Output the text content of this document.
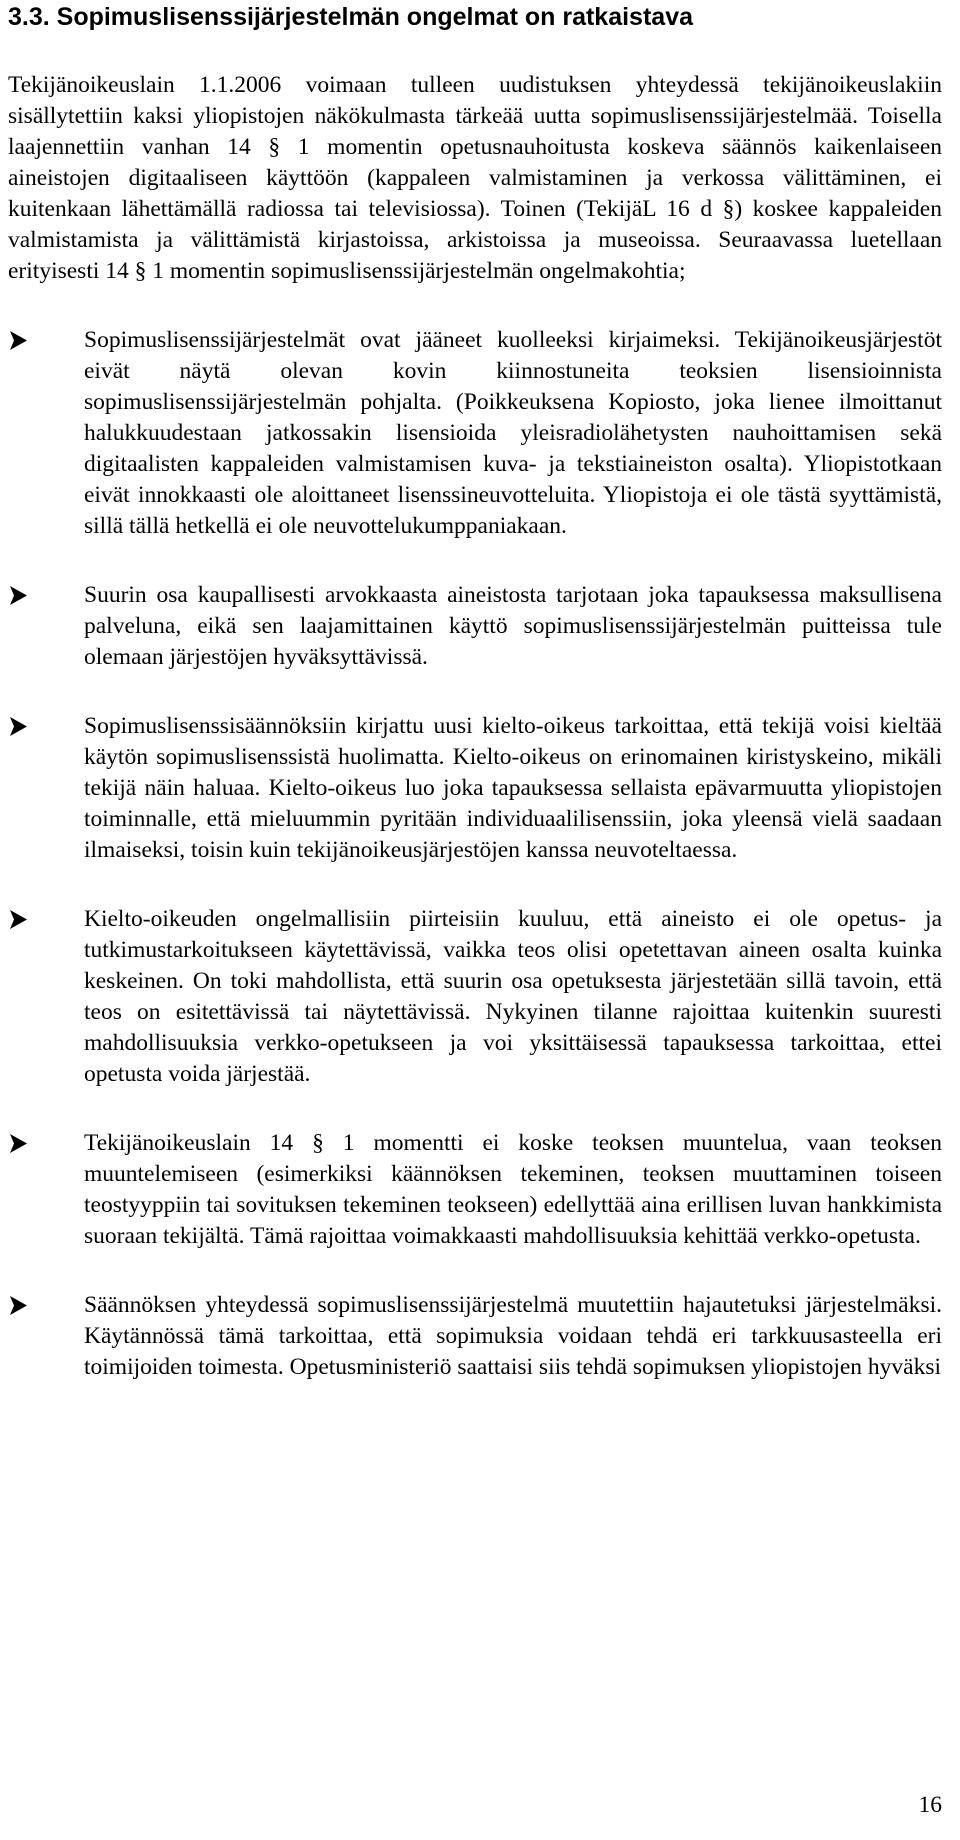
3.3. Sopimuslisenssijärjestelmän ongelmat on ratkaistava

Tekijänoikeuslain 1.1.2006 voimaan tulleen uudistuksen yhteydessä tekijänoikeuslakiin sisällytettiin kaksi yliopistojen näkökulmasta tärkeää uutta sopimuslisenssijärjestelmää. Toisella laajennettiin vanhan 14 § 1 momentin opetusnauhoitusta koskeva säännös kaikenlaiseen aineistojen digitaaliseen käyttöön (kappaleen valmistaminen ja verkossa välittäminen, ei kuitenkaan lähettämällä radiossa tai televisiossa). Toinen (TekijäL 16 d §) koskee kappaleiden valmistamista ja välittämistä kirjastoissa, arkistoissa ja museoissa. Seuraavassa luetellaan erityisesti 14 § 1 momentin sopimuslisenssijärjestelmän ongelmakohtia;

Sopimuslisenssijärjestelmät ovat jääneet kuolleeksi kirjaimeksi. Tekijänoikeusjärjestöt eivät näytä olevan kovin kiinnostuneita teoksien lisensioinnista sopimuslisenssijärjestelmän pohjalta. (Poikkeuksena Kopiosto, joka lienee ilmoittanut halukkuudestaan jatkossakin lisensioida yleisradiolähetysten nauhoittamisen sekä digitaalisten kappaleiden valmistamisen kuva- ja tekstiaineiston osalta). Yliopistotkaan eivät innokkaasti ole aloittaneet lisenssineuvotteluita. Yliopistoja ei ole tästä syyttämistä, sillä tällä hetkellä ei ole neuvottelukumppaniakaan.
Suurin osa kaupallisesti arvokkaasta aineistosta tarjotaan joka tapauksessa maksullisena palveluna, eikä sen laajamittainen käyttö sopimuslisenssijärjestelmän puitteissa tule olemaan järjestöjen hyväksyttävissä.
Sopimuslisenssisäännöksiin kirjattu uusi kielto-oikeus tarkoittaa, että tekijä voisi kieltää käytön sopimuslisenssistä huolimatta. Kielto-oikeus on erinomainen kiristyskeino, mikäli tekijä näin haluaa. Kielto-oikeus luo joka tapauksessa sellaista epävarmuutta yliopistojen toiminnalle, että mieluummin pyritään individuaalilisenssiin, joka yleensä vielä saadaan ilmaiseksi, toisin kuin tekijänoikeusjärjestöjen kanssa neuvoteltaessa.
Kielto-oikeuden ongelmallisiin piirteisiin kuuluu, että aineisto ei ole opetus- ja tutkimustarkoitukseen käytettävissä, vaikka teos olisi opetettavan aineen osalta kuinka keskeinen. On toki mahdollista, että suurin osa opetuksesta järjestetään sillä tavoin, että teos on esitettävissä tai näytettävissä. Nykyinen tilanne rajoittaa kuitenkin suuresti mahdollisuuksia verkko-opetukseen ja voi yksittäisessä tapauksessa tarkoittaa, ettei opetusta voida järjestää.
Tekijänoikeuslain 14 § 1 momentti ei koske teoksen muuntelua, vaan teoksen muuntelemiseen (esimerkiksi käännöksen tekeminen, teoksen muuttaminen toiseen teostyyppiin tai sovituksen tekeminen teokseen) edellyttää aina erillisen luvan hankkimista suoraan tekijältä. Tämä rajoittaa voimakkaasti mahdollisuuksia kehittää verkko-opetusta.
Säännöksen yhteydessä sopimuslisenssijärjestelmä muutettiin hajautetuksi järjestelmäksi. Käytännössä tämä tarkoittaa, että sopimuksia voidaan tehdä eri tarkkuusasteella eri toimijoiden toimesta. Opetusministeriö saattaisi siis tehdä sopimuksen yliopistojen hyväksi
16
